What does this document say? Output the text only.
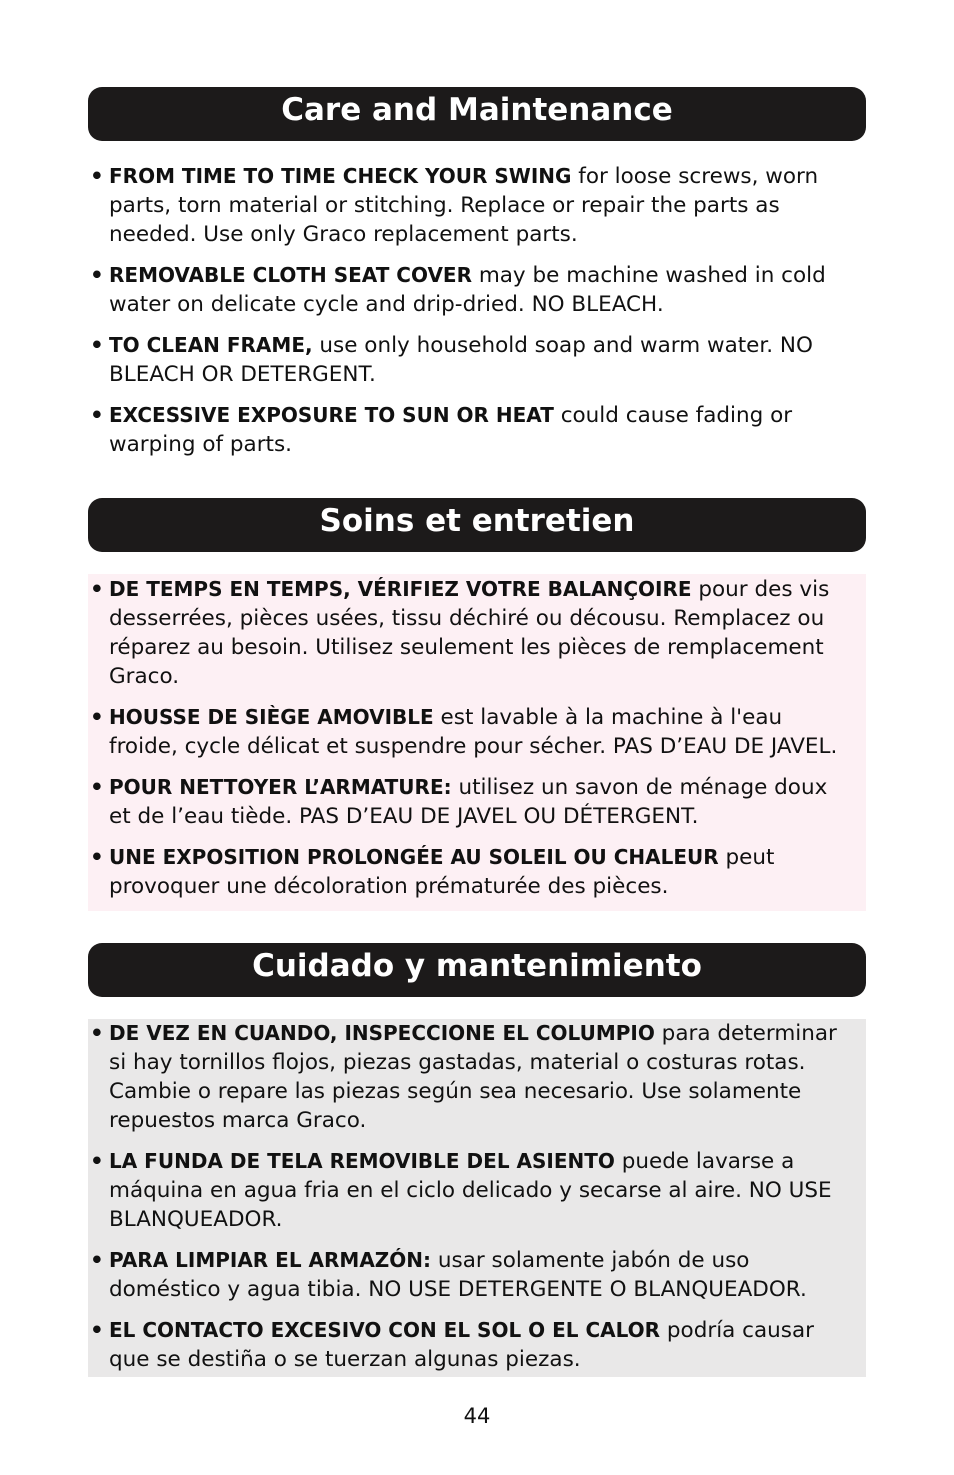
Care and Maintenance

• FROM TIME TO TIME CHECK YOUR SWING for loose screws, worn parts, torn material or stitching. Replace or repair the parts as needed. Use only Graco replacement parts.

• REMOVABLE CLOTH SEAT COVER may be machine washed in cold water on delicate cycle and drip-dried. NO BLEACH.

• TO CLEAN FRAME, use only household soap and warm water. NO BLEACH OR DETERGENT.

• EXCESSIVE EXPOSURE TO SUN OR HEAT could cause fading or warping of parts.

Soins et entretien

• DE TEMPS EN TEMPS, VÉRIFIEZ VOTRE BALANÇOIRE pour des vis desserrées, pièces usées, tissu déchiré ou décousu. Remplacez ou réparez au besoin. Utilisez seulement les pièces de remplacement Graco.

• HOUSSE DE SIÈGE AMOVIBLE est lavable à la machine à l'eau froide, cycle délicat et suspendre pour sécher. PAS D’EAU DE JAVEL.

• POUR NETTOYER L’ARMATURE: utilisez un savon de ménage doux et de l’eau tiède. PAS D’EAU DE JAVEL OU DÉTERGENT.

• UNE EXPOSITION PROLONGÉE AU SOLEIL OU CHALEUR peut provoquer une décoloration prématurée des pièces.

Cuidado y mantenimiento

• DE VEZ EN CUANDO, INSPECCIONE EL COLUMPIO para determinar si hay tornillos flojos, piezas gastadas, material o costuras rotas. Cambie o repare las piezas según sea necesario. Use solamente repuestos marca Graco.

• LA FUNDA DE TELA REMOVIBLE DEL ASIENTO puede lavarse a máquina en agua fria en el ciclo delicado y secarse al aire. NO USE BLANQUEADOR.

• PARA LIMPIAR EL ARMAZÓN: usar solamente jabón de uso doméstico y agua tibia. NO USE DETERGENTE O BLANQUEADOR.

• EL CONTACTO EXCESIVO CON EL SOL O EL CALOR podría causar que se destiña o se tuerzan algunas piezas.

44
